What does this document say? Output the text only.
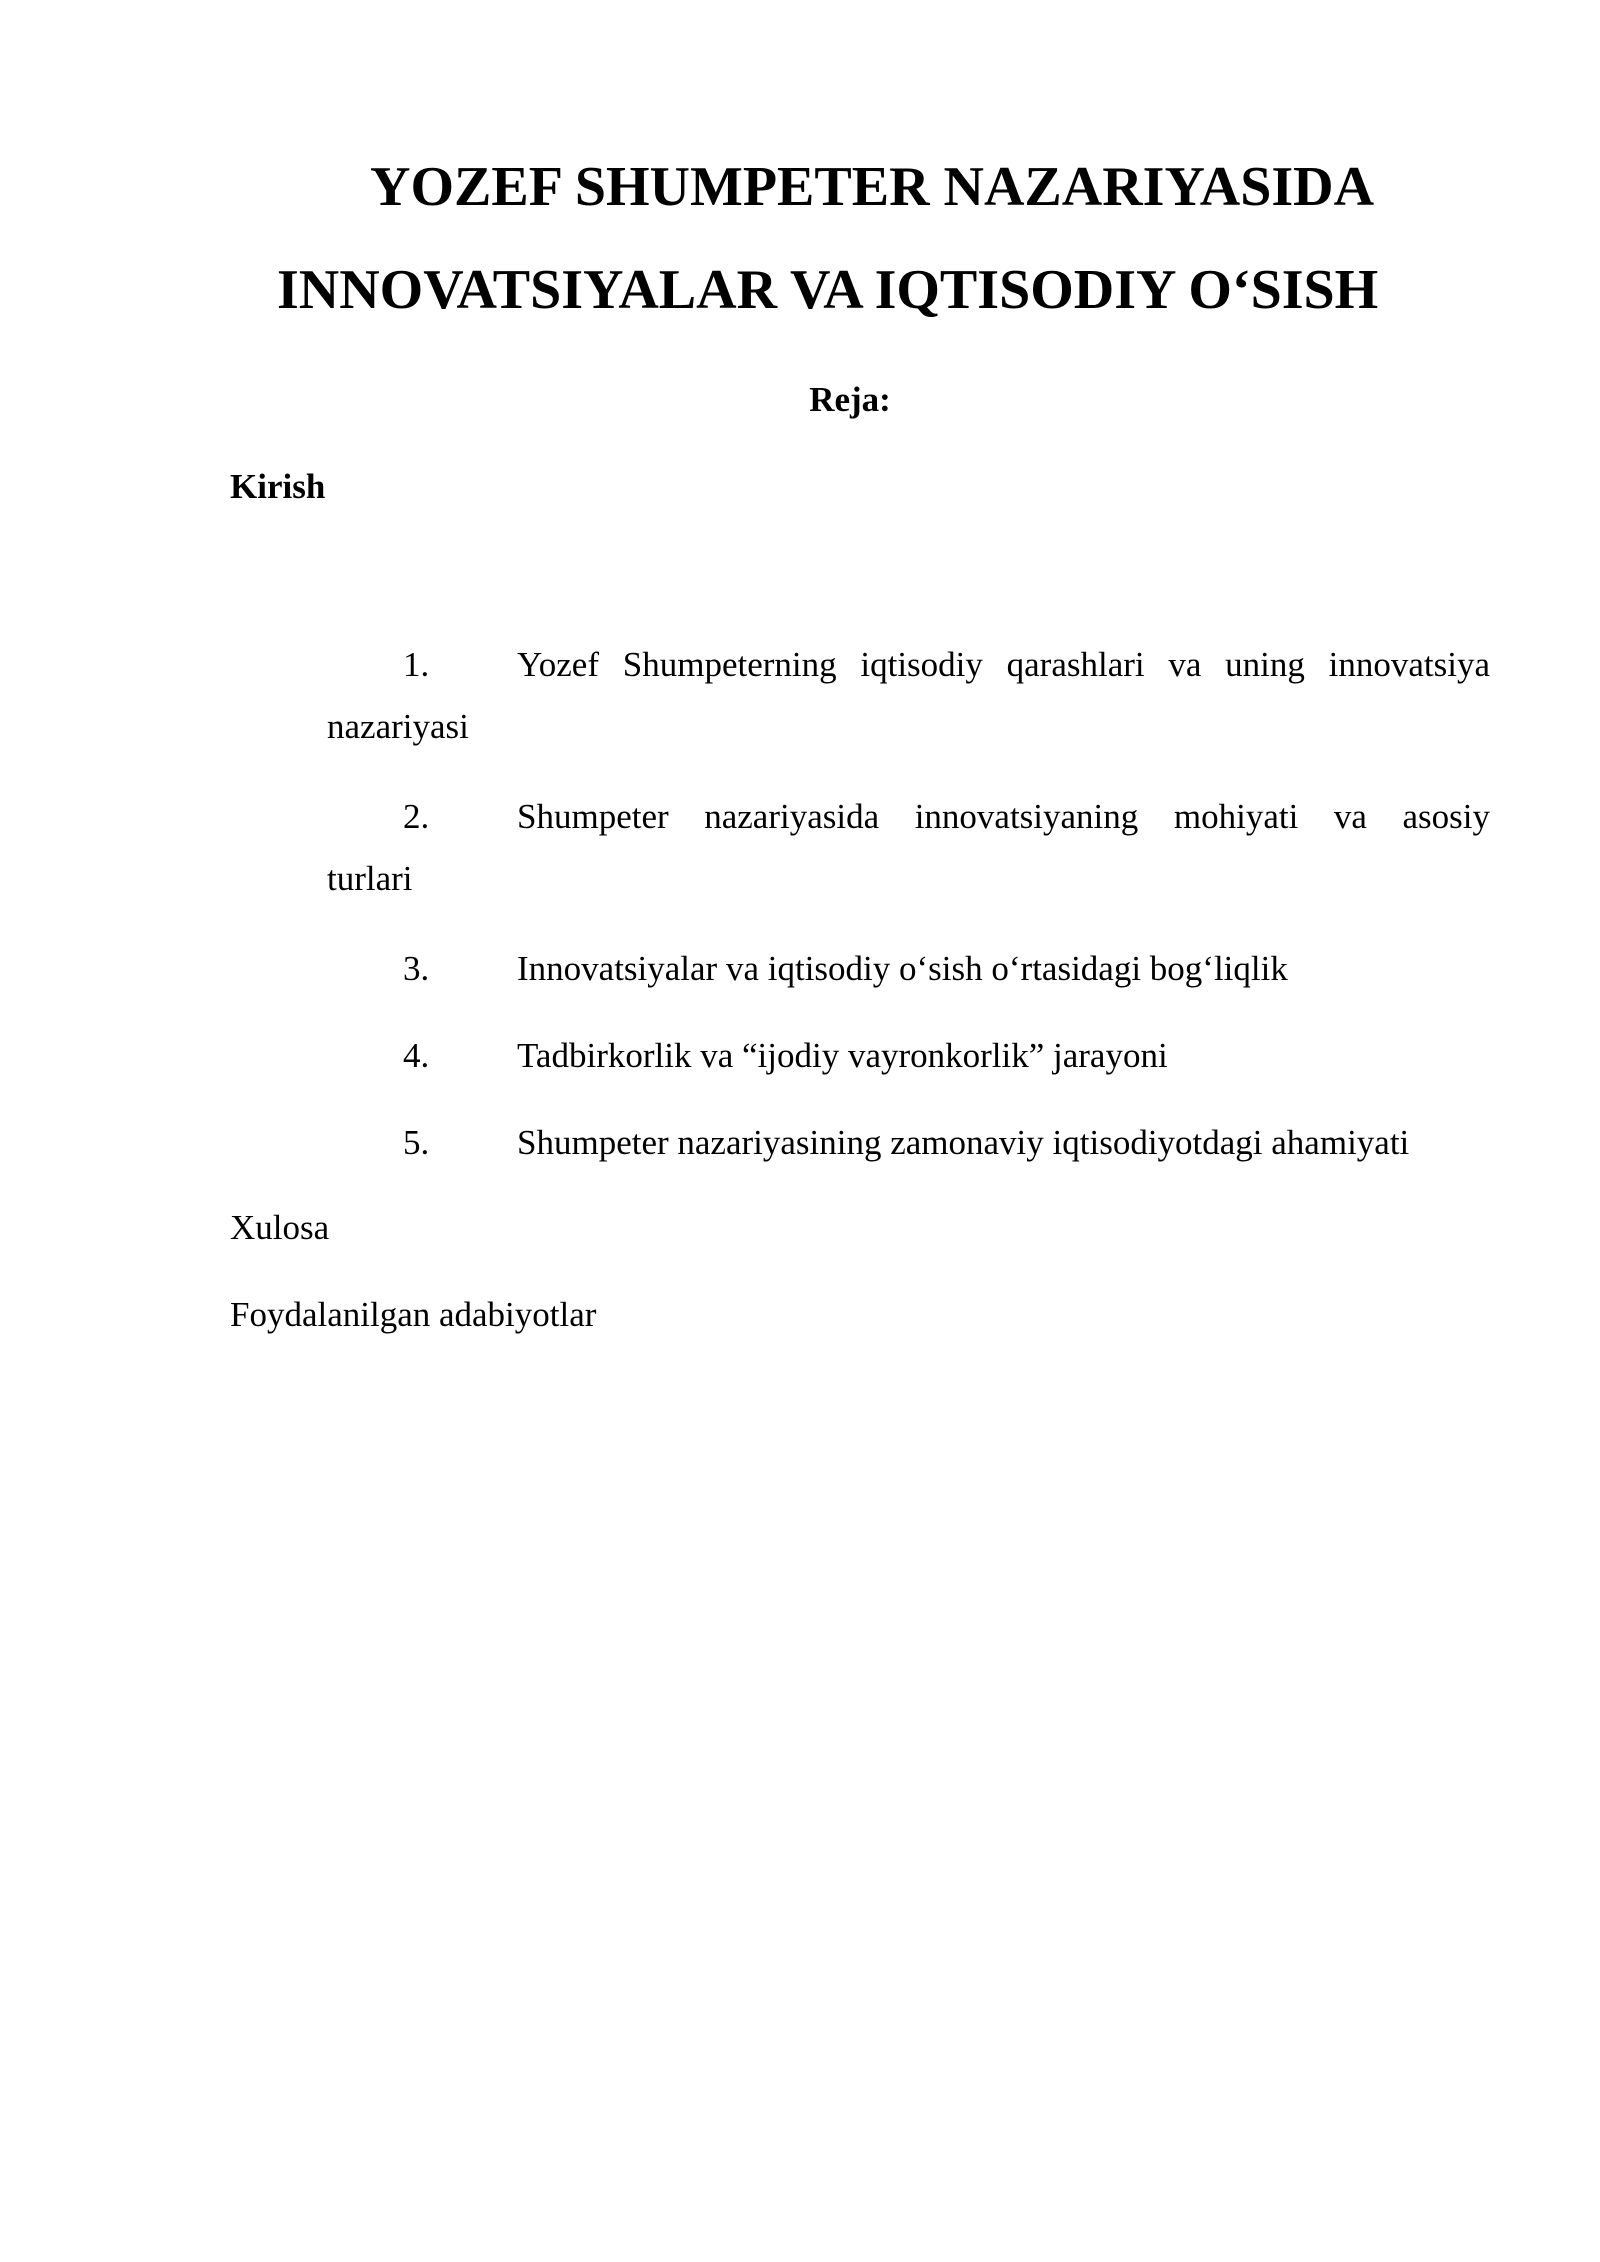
YOZEF SHUMPETER NAZARIYASIDA
INNOVATSIYALAR VA IQTISODIY O‘SISH

Reja:

Kirish

1.	Yozef Shumpeterning iqtisodiy qarashlari va uning innovatsiya
nazariyasi
2.	Shumpeter nazariyasida innovatsiyaning mohiyati va asosiy
turlari
3.	Innovatsiyalar va iqtisodiy o‘sish o‘rtasidagi bog‘liqlik
4.	Tadbirkorlik va “ijodiy vayronkorlik” jarayoni
5.	Shumpeter nazariyasining zamonaviy iqtisodiyotdagi ahamiyati

Xulosa

Foydalanilgan adabiyotlar
